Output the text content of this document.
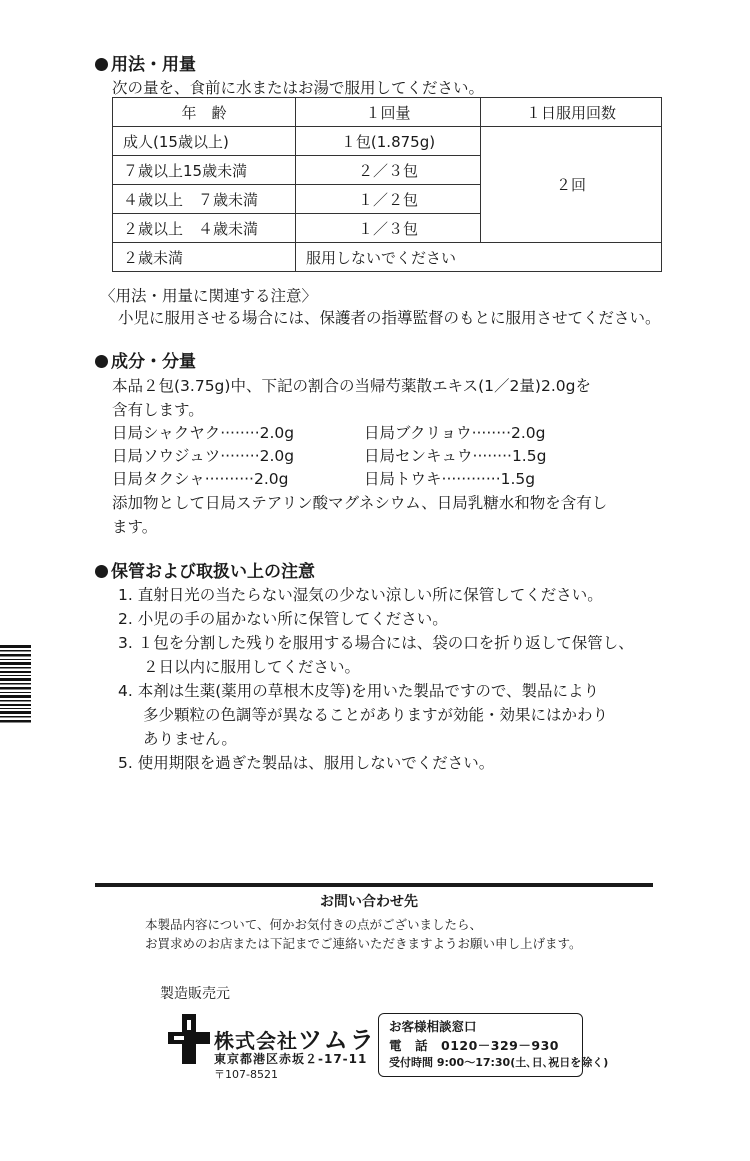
用法・用量
次の量を、食前に水またはお湯で服用してください。
年　齢	１回量	１日服用回数
成人(15歳以上)	１包(1.875g)	２回
７歳以上15歳未満	２／３包	
４歳以上　７歳未満	１／２包	
２歳以上　４歳未満	１／３包	
２歳未満	服用しないでください	
〈用法・用量に関連する注意〉
小児に服用させる場合には、保護者の指導監督のもとに服用させてください。
成分・分量
本品２包(3.75g)中、下記の割合の当帰芍薬散エキス(1／2量)2.0gを
含有します。
日局シャクヤク········2.0g	日局ブクリョウ········2.0g
日局ソウジュツ········2.0g	日局センキュウ········1.5g
日局タクシャ··········2.0g	日局トウキ············1.5g
添加物として日局ステアリン酸マグネシウム、日局乳糖水和物を含有し
ます。
保管および取扱い上の注意
1. 直射日光の当たらない湿気の少ない涼しい所に保管してください。
2. 小児の手の届かない所に保管してください。
3. １包を分割した残りを服用する場合には、袋の口を折り返して保管し、
２日以内に服用してください。
4. 本剤は生薬(薬用の草根木皮等)を用いた製品ですので、製品により
多少顆粒の色調等が異なることがありますが効能・効果にはかわり
ありません。
5. 使用期限を過ぎた製品は、服用しないでください。
お問い合わせ先
本製品内容について、何かお気付きの点がございましたら、
お買求めのお店または下記までご連絡いただきますようお願い申し上げます。
製造販売元
株式会社ツムラ
東京都港区赤坂２-17-11
〒107-8521
お客様相談窓口
電　話　0120－329－930
受付時間 9:00〜17:30(土､日､祝日を除く)
